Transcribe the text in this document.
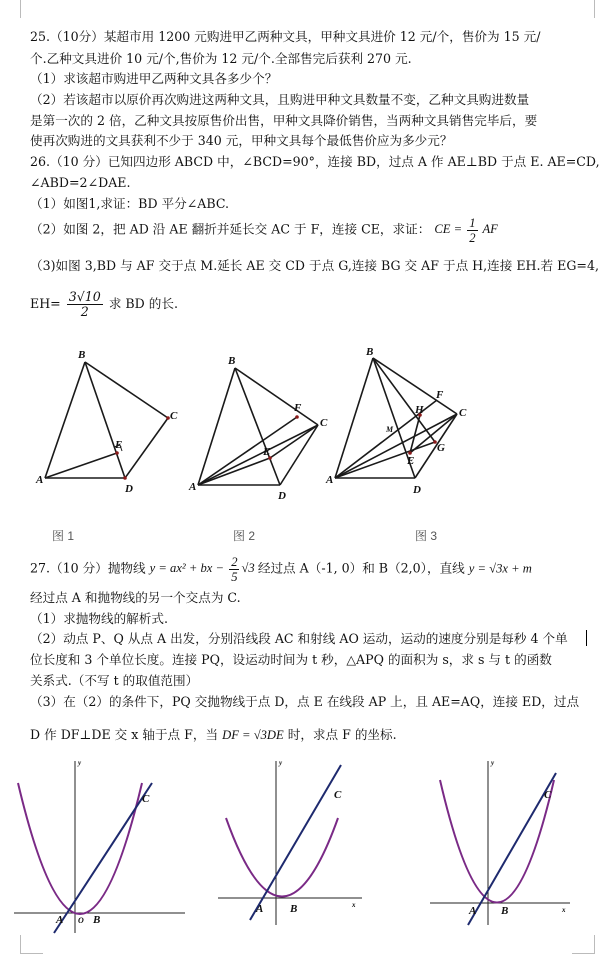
25.（10分）某超市用 1200 元购进甲乙两种文具，甲种文具进价 12 元/个，售价为 15 元/
个.乙种文具进价 10 元/个,售价为 12 元/个.全部售完后获利 270 元.
（1）求该超市购进甲乙两种文具各多少个？
（2）若该超市以原价再次购进这两种文具，且购进甲种文具数量不变，乙种文具购进数量
是第一次的 2 倍，乙种文具按原售价出售，甲种文具降价销售，当两种文具销售完毕后，要
使再次购进的文具获利不少于 340 元，甲种文具每个最低售价应为多少元？
26.（10 分）已知四边形 ABCD 中，∠BCD=90°，连接 BD，过点 A 作 AE⊥BD 于点 E. AE=CD,
∠ABD=2∠DAE.
（1）如图1,求证：BD 平分∠ABC.
（2）如图 2，把 AD 沿 AE 翻折并延长交 AC 于 F，连接 CE，求证： CE = $\frac{1}{2}$ AF
（3)如图 3,BD 与 AF 交于点 M.延长 AE 交 CD 于点 G,连接 BG 交 AF 于点 H,连接 EH.若 EG=4,
$EH= \frac{3√10}{2}$ 求 BD 的长.
B
A
C
D
E
B
A
C
D
E
F
B
A
C
D
E
F
G
H
M
图 1	图 2	图 3
27.（10 分）抛物线 y = ax² + bx − $\frac{2}{5} √3$ 经过点 A（-1, 0）和 B（2,0），直线 y = √3x + m
经过点 A 和抛物线的另一个交点为 C.
（1）求抛物线的解析式.
（2）动点 P、Q 从点 A 出发，分别沿线段 AC 和射线 AO 运动，运动的速度分别是每秒 4 个单
位长度和 3 个单位长度。连接 PQ，设运动时间为 t 秒，△APQ 的面积为 s，求 s 与 t 的函数
关系式.（不写 t 的取值范围）
（3）在（2）的条件下，PQ 交抛物线于点 D，点 E 在线段 AP 上，且 AE=AQ，连接 ED，过点
D 作 DF⊥DE 交 x 轴于点 F，当 DF = √3DE 时，求点 F 的坐标.
A O B
C
y
A B
C
x
y
A B
C
x
y
